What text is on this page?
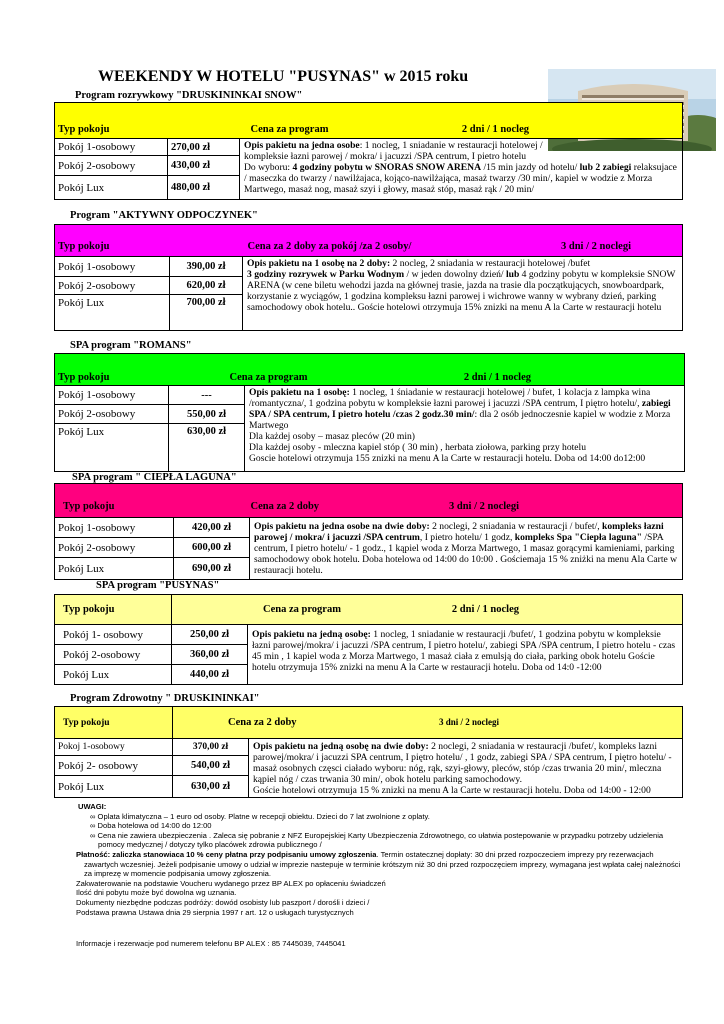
WEEKENDY W HOTELU "PUSYNAS" w 2015 roku
Program rozrywkowy "DRUSKININKAI SNOW"
Typ pokoju	Cena za program 2 dni / 1 nocleg	

Pokój 1-osobowy	270,00 zł	Opis pakietu na jedna osobe: 1 nocleg, 1 sniadanie w restauracji hotelowej /
kompleksie łazni parowej / mokra/ i jacuzzi /SPA centrum, I pietro hotelu
Do wyboru: 4 godziny pobytu w SNORAS SNOW ARENA /15 min jazdy od hotelu/ lub 2 zabiegi relaksujace / maseczka do twarzy / nawilżajaca, kojąco-nawilżająca, masaż twarzy /30 min/, kapiel w wodzie z Morza Martwego, masaż nog, masaż szyi i głowy, masaż stóp, masaż rąk / 20 min/
Pokój 2-osobowy	430,00 zł	
Pokój Lux	480,00 zł	
Program "AKTYWNY ODPOCZYNEK"
Typ pokoju	Cena za 2 doby za pokój /za 2 osoby/ 3 dni / 2 noclegi	

Pokój 1-osobowy	390,00 zł	Opis pakietu na 1 osobę na 2 doby: 2 nocleg, 2 sniadania w restauracji hotelowej /bufet
3 godziny rozrywek w Parku Wodnym / w jeden dowolny dzień/ lub 4 godziny pobytu w kompleksie SNOW ARENA (w cene biletu wehodzi jazda na głównej trasie, jazda na trasie dla początkujących, snowboardpark, korzystanie z wyciągów, 1 godzina kompleksu łazni parowej i wichrowe wanny w wybrany dzień, parking samochodowy obok hotelu.. Goście hotelowi otrzymuja 15% znizki na menu A la Carte w restauracji hotelu
Pokój 2-osobowy	620,00 zł	
Pokój Lux	700,00 zł	
SPA program "ROMANS"
Typ pokoju	Cena za program 2 dni / 1 nocleg	

Pokój 1-osobowy	---	Opis pakietu na 1 osobę: 1 nocleg, 1 śniadanie w restauracji hotelowej / bufet, 1 kolacja z lampka wina /romantyczna/, 1 godzina pobytu w kompleksie łazni parowej i jacuzzi /SPA centrum, I piętro hotelu/, zabiegi SPA / SPA centrum, I pietro hotelu /czas 2 godz.30 min/: dla 2 osób jednoczesnie kapiel w wodzie z Morza Martwego
Dla każdej osoby – masaz pleców (20 min)
Dla każdej osoby - mleczna kapiel stóp ( 30 min) , herbata ziołowa, parking przy hotelu
Goscie hotelowi otrzymuja 155 znizki na menu A la Carte w restauracji hotelu. Doba od 14:00 do12:00
Pokój 2-osobowy	550,00 zł	
Pokój Lux	630,00 zł	
SPA program " CIEPŁA LAGUNA"
Typ pokoju	Cena za 2 doby 3 dni / 2 noclegi	

Pokoj 1-osobowy	420,00 zł	Opis pakietu na jedna osobe na dwie doby: 2 noclegi, 2 sniadania w restauracji / bufet/, kompleks łazni parowej / mokra/ i jacuzzi /SPA centrum, I pietro hotelu/ 1 godz, kompleks Spa "Ciepła laguna" /SPA centrum, I pietro hotelu/ - 1 godz., 1 kąpiel woda z Morza Martwego, 1 masaz gorącymi kamieniami, parking samochodowy obok hotelu. Doba hotelowa od 14:00 do 10:00 . Gościemaja 15 % zniżki na menu Ala Carte w restauracji hotelu.
Pokój 2-osobowy	600,00 zł	
Pokój Lux	690,00 zł	
SPA program "PUSYNAS"
Typ pokoju	Cena za program 2 dni / 1 nocleg	

Pokój 1- osobowy	250,00 zł	Opis pakietu na jedną osobę: 1 nocleg, 1 sniadanie w restauracji /bufet/, 1 godzina pobytu w kompleksie łazni parowej/mokra/ i jacuzzi /SPA centrum, I pietro hotelu/, zabiegi SPA /SPA centrum, I pietro hotelu - czas 45 min , 1 kapiel woda z Morza Martwego, 1 masaż ciała z emulsją do ciała, parking obok hotelu Goście hotelu otrzymuja 15% znizki na menu A la Carte w restauracji hotelu. Doba od 14:0 -12:00
Pokój 2-osobowy	360,00 zł	
Pokój Lux	440,00 zł	
Program Zdrowotny " DRUSKININKAI"
Typ pokoju	Cena za 2 doby 3 dni / 2 noclegi	

Pokoj 1-osobowy	370,00 zł	Opis pakietu na jedną osobę na dwie doby: 2 noclegi, 2 sniadania w restauracji /bufet/, kompleks lazni parowej/mokra/ i jacuzzi SPA centrum, I piętro hotelu/ , 1 godz, zabiegi SPA / SPA centrum, I piętro hotelu/ - masaż osobnych częsci ciałado wyboru: nóg, rąk, szyi-głowy, pleców, stóp /czas trwania 20 min/, mleczna kąpiel nóg / czas trwania 30 min/, obok hotelu parking samochodowy.
Goście hotelowi otrzymuja 15 % znizki na menu A la Carte w restauracji hotelu. Doba od 14:00 - 12:00
Pokój 2- osobowy	540,00 zł	
Pokój Lux	630,00 zł	
UWAGI:
∞ Oplata klimatyczna – 1 euro od osoby. Platne w recepcji obiektu. Dzieci do 7 lat zwolnione z oplaty.
∞ Doba hotelowa od 14:00 do 12:00
∞ Cena nie zawiera ubezpieczenia . Zaleca się pobranie z NFZ Europejskiej Karty Ubezpieczenia Zdrowotnego, co ułatwia postepowanie w przypadku potrzeby udzielenia
pomocy medycznej / dotyczy tylko placówek zdrowia publicznego /
Płatność: zaliczka stanowiaca 10 % ceny płatna przy podpisaniu umowy zgłoszenia. Termin ostatecznej dopłaty: 30 dni przed rozpoczeciem imprezy pry rezerwacjach
zawartych wczesniej. Jeżeli podpisanie umowy o udział w imprezie nastepuje w terminie krótszym niż 30 dni przed rozpoczęciem imprezy, wymagana jest wpłata całej należności
za imprezę w momencie podpisania umowy zgłoszenia.
Zakwaterowanie na podstawie Voucheru wydanego przez BP ALEX po opłaceniu świadczeń
Ilość dni pobytu może być dowolna wg uznania.
Dokumenty niezbędne podczas podróży: dowód osobisty lub paszport / dorośli i dzieci /
Podstawa prawna Ustawa dnia 29 sierpnia 1997 r art. 12 o usługach turystycznych
Informacje i rezerwacje pod numerem telefonu BP ALEX : 85 7445039, 7445041
